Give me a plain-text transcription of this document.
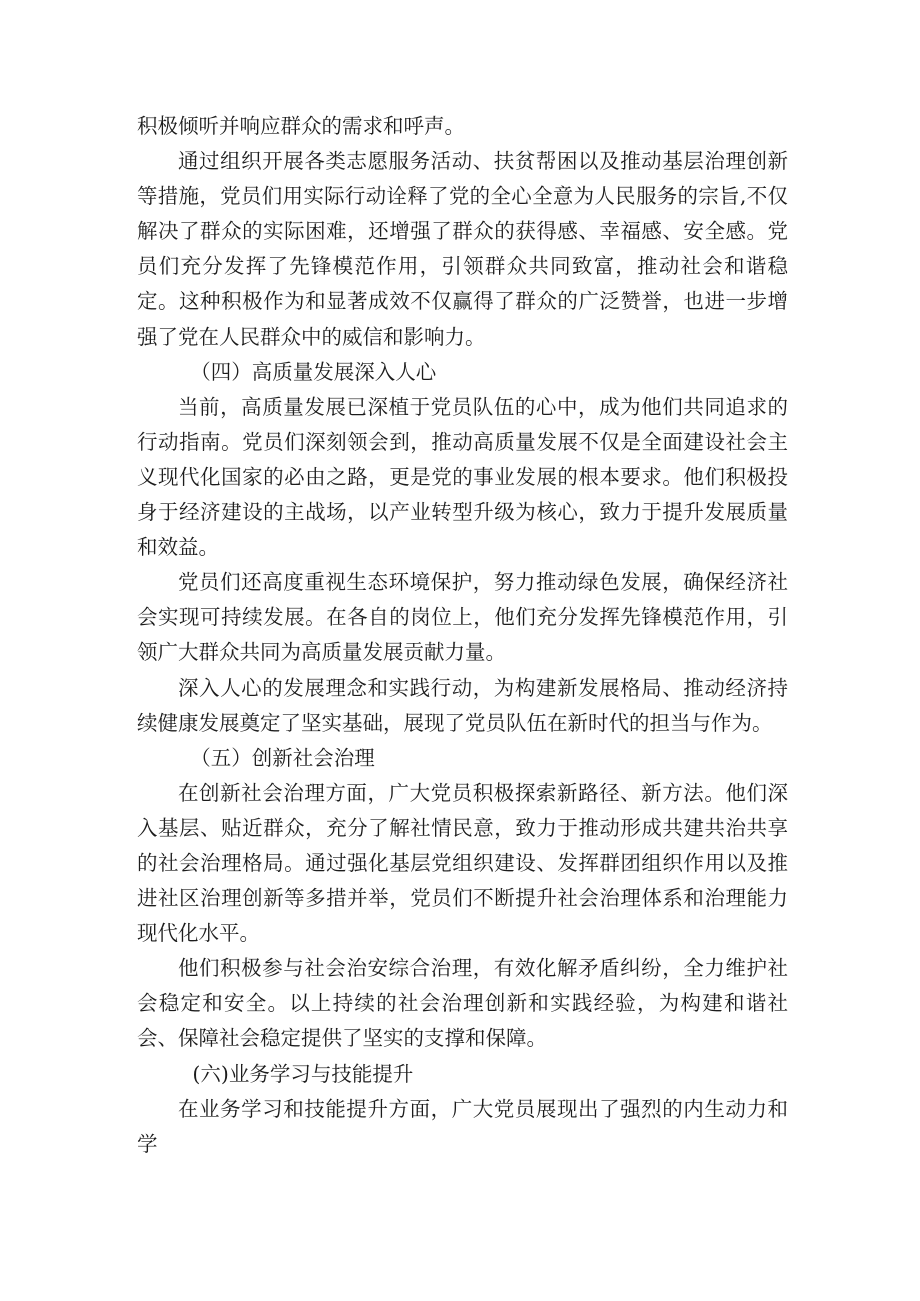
积极倾听并响应群众的需求和呼声。

通过组织开展各类志愿服务活动、扶贫帮困以及推动基层治理创新等措施，党员们用实际行动诠释了党的全心全意为人民服务的宗旨,不仅解决了群众的实际困难，还增强了群众的获得感、幸福感、安全感。党员们充分发挥了先锋模范作用，引领群众共同致富，推动社会和谐稳定。这种积极作为和显著成效不仅赢得了群众的广泛赞誉，也进一步增强了党在人民群众中的威信和影响力。

（四）高质量发展深入人心

当前，高质量发展已深植于党员队伍的心中，成为他们共同追求的行动指南。党员们深刻领会到，推动高质量发展不仅是全面建设社会主义现代化国家的必由之路，更是党的事业发展的根本要求。他们积极投身于经济建设的主战场，以产业转型升级为核心，致力于提升发展质量和效益。

党员们还高度重视生态环境保护，努力推动绿色发展，确保经济社会实现可持续发展。在各自的岗位上，他们充分发挥先锋模范作用，引领广大群众共同为高质量发展贡献力量。

深入人心的发展理念和实践行动，为构建新发展格局、推动经济持续健康发展奠定了坚实基础，展现了党员队伍在新时代的担当与作为。

（五）创新社会治理

在创新社会治理方面，广大党员积极探索新路径、新方法。他们深入基层、贴近群众，充分了解社情民意，致力于推动形成共建共治共享的社会治理格局。通过强化基层党组织建设、发挥群团组织作用以及推进社区治理创新等多措并举，党员们不断提升社会治理体系和治理能力现代化水平。

他们积极参与社会治安综合治理，有效化解矛盾纠纷，全力维护社会稳定和安全。以上持续的社会治理创新和实践经验，为构建和谐社会、保障社会稳定提供了坚实的支撑和保障。

(六)业务学习与技能提升

在业务学习和技能提升方面，广大党员展现出了强烈的内生动力和学
